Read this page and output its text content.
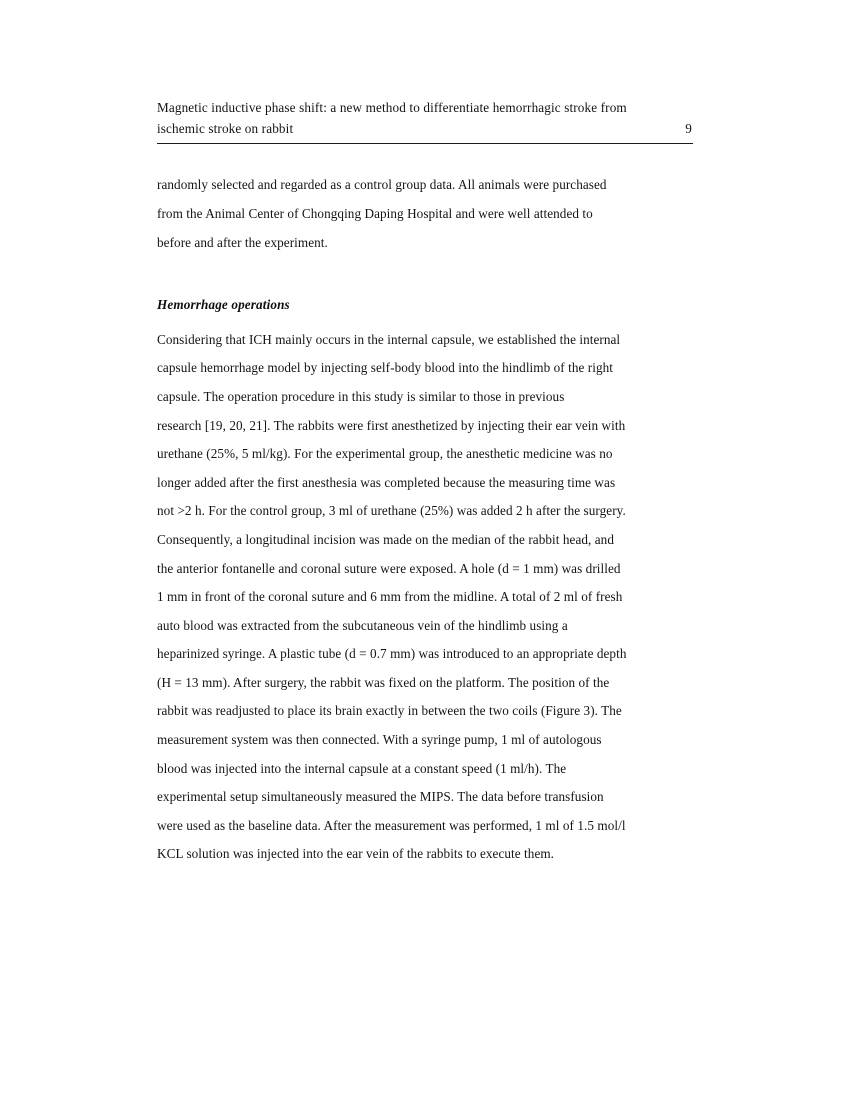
Magnetic inductive phase shift: a new method to differentiate hemorrhagic stroke from
ischemic stroke on rabbit	9

randomly selected and regarded as a control group data. All animals were purchased
from the Animal Center of Chongqing Daping Hospital and were well attended to
before and after the experiment.

Hemorrhage operations

Considering that ICH mainly occurs in the internal capsule, we established the internal
capsule hemorrhage model by injecting self-body blood into the hindlimb of the right
capsule. The operation procedure in this study is similar to those in previous
research [19, 20, 21]. The rabbits were first anesthetized by injecting their ear vein with
urethane (25%, 5 ml/kg). For the experimental group, the anesthetic medicine was no
longer added after the first anesthesia was completed because the measuring time was
not >2 h. For the control group, 3 ml of urethane (25%) was added 2 h after the surgery.
Consequently, a longitudinal incision was made on the median of the rabbit head, and
the anterior fontanelle and coronal suture were exposed. A hole (d = 1 mm) was drilled
1 mm in front of the coronal suture and 6 mm from the midline. A total of 2 ml of fresh
auto blood was extracted from the subcutaneous vein of the hindlimb using a
heparinized syringe. A plastic tube (d = 0.7 mm) was introduced to an appropriate depth
(H = 13 mm). After surgery, the rabbit was fixed on the platform. The position of the
rabbit was readjusted to place its brain exactly in between the two coils (Figure 3). The
measurement system was then connected. With a syringe pump, 1 ml of autologous
blood was injected into the internal capsule at a constant speed (1 ml/h). The
experimental setup simultaneously measured the MIPS. The data before transfusion
were used as the baseline data. After the measurement was performed, 1 ml of 1.5 mol/l
KCL solution was injected into the ear vein of the rabbits to execute them.
